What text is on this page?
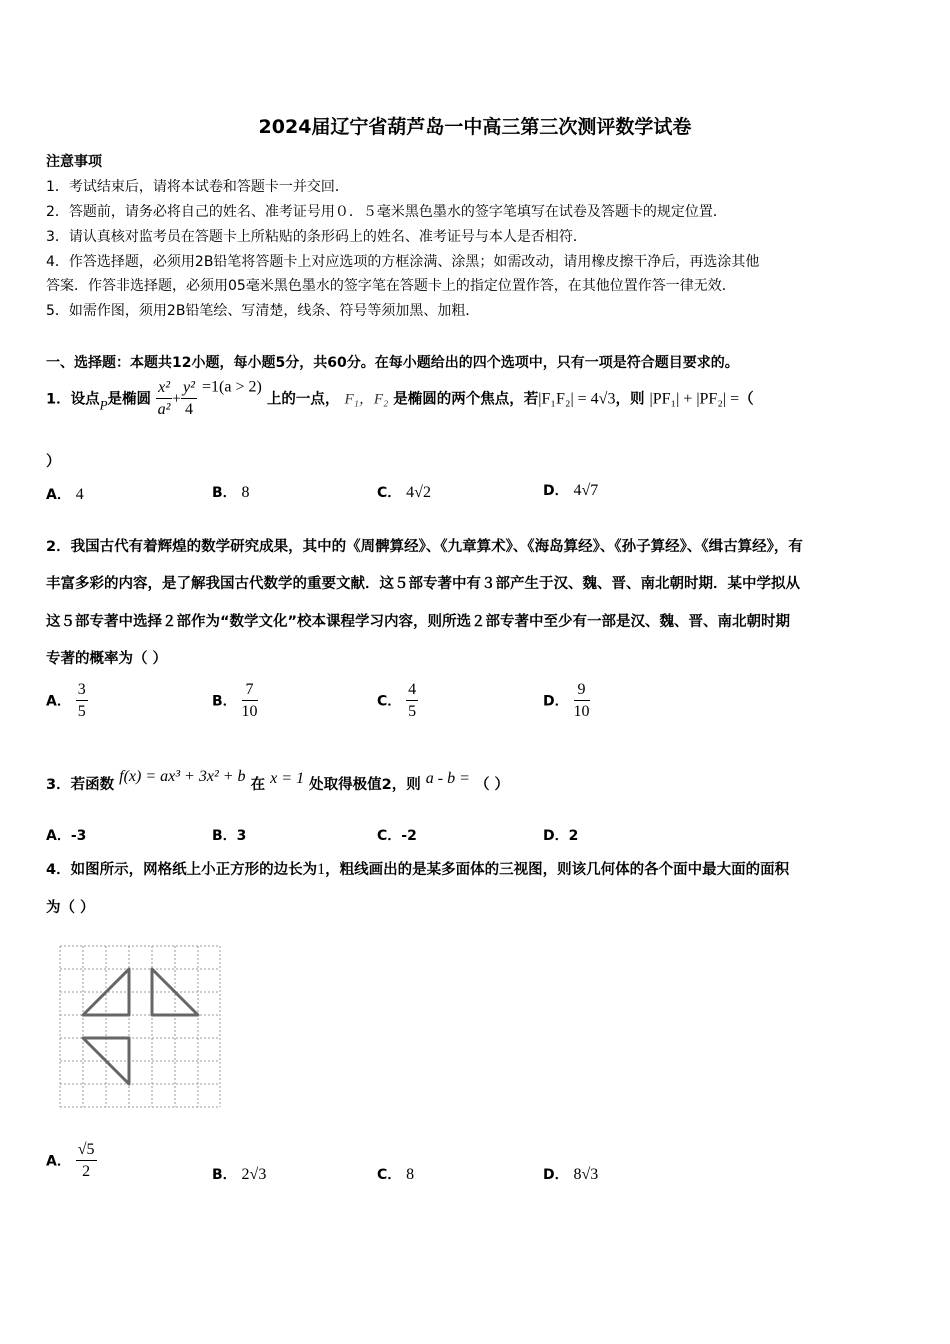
2024届辽宁省葫芦岛一中高三第三次测评数学试卷
注意事项
1．考试结束后，请将本试卷和答题卡一并交回．
2．答题前，请务必将自己的姓名、准考证号用０．５毫米黑色墨水的签字笔填写在试卷及答题卡的规定位置．
3．请认真核对监考员在答题卡上所粘贴的条形码上的姓名、准考证号与本人是否相符．
4．作答选择题，必须用2B铅笔将答题卡上对应选项的方框涂满、涂黑；如需改动，请用橡皮擦干净后，再选涂其他
答案．作答非选择题，必须用05毫米黑色墨水的签字笔在答题卡上的指定位置作答，在其他位置作答一律无效．
5．如需作图，须用2B铅笔绘、写清楚，线条、符号等须加黑、加粗．
一、选择题：本题共12小题，每小题5分，共60分。在每小题给出的四个选项中，只有一项是符合题目要求的。
1．设点P是椭圆 $\frac{\text{x²}}{\text{a²}} + \frac{\text{y²}}{4} =1(a > 2)$ 上的一点， F₁，F₂ 是椭圆的两个焦点，若|F₁F₂| = 4√3，则 |PF₁| + |PF₂| =（
）
A． 4	B． 8	C． 4√2	D． 4√7
2．我国古代有着辉煌的数学研究成果，其中的《周髀算经》、《九章算术》、《海岛算经》、《孙子算经》、《缉古算经》，有
丰富多彩的内容，是了解我国古代数学的重要文献．这５部专著中有３部产生于汉、魏、晋、南北朝时期．某中学拟从
这５部专著中选择２部作为“数学文化”校本课程学习内容，则所选２部专著中至少有一部是汉、魏、晋、南北朝时期
专著的概率为（ ）
A． $\frac{3}{5}$	B． $\frac{7}{10}$	C． $\frac{4}{5}$	D． $\frac{9}{10}$
3．若函数 f(x) = ax³ + 3x² + b 在 x = 1 处取得极值2，则 a - b = （ ）
A．-3	B．3	C．-2	D．2
4．如图所示，网格纸上小正方形的边长为1，粗线画出的是某多面体的三视图，则该几何体的各个面中最大面的面积
为（ ）
A． $\frac{√5}{2}$	B． 2√3	C． 8	D． 8√3
